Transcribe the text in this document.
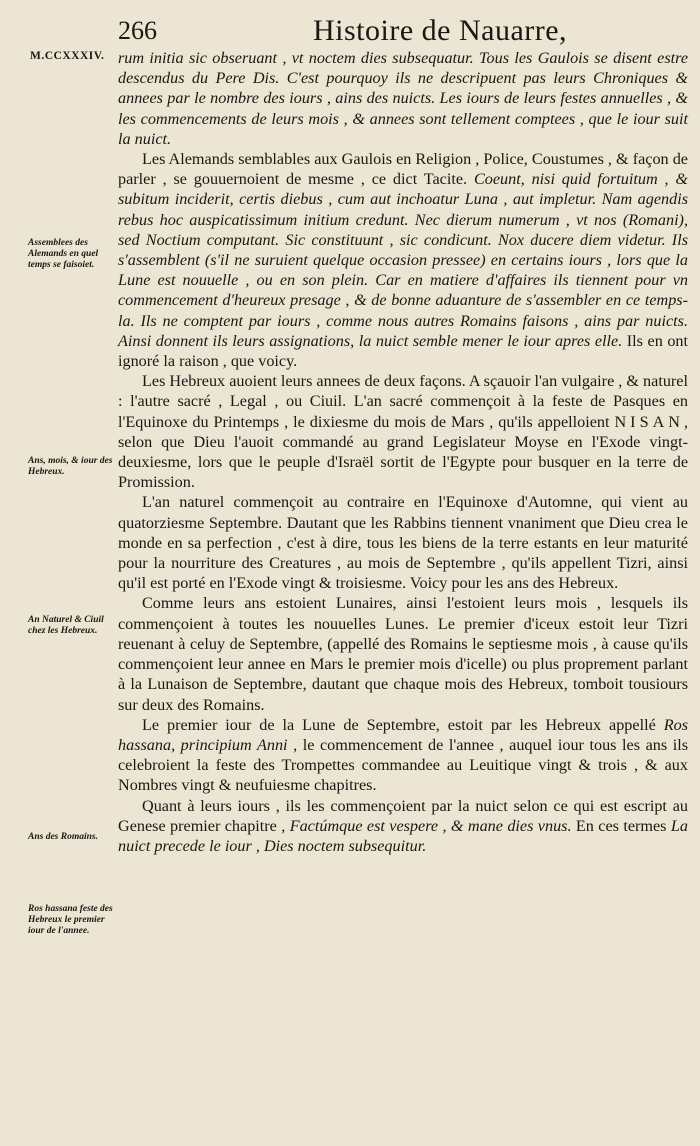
266	Histoire de Nauarre,
M.CCXXXIV.
Assemblees des Alemands en quel temps se faisoiet.
Ans, mois, & iour des Hebreux.
An Naturel & Ciuil chez les Hebreux.
Ans des Romains.
Ros hassana feste des Hebreux le premier iour de l'annee.

rum initia sic obseruant , vt noctem dies subsequatur. Tous les Gaulois se disent estre descendus du Pere Dis. C'est pourquoy ils ne descripuent pas leurs Chroniques & annees par le nombre des iours , ains des nuicts. Les iours de leurs festes annuelles , & les commencements de leurs mois , & annees sont tellement comptees , que le iour suit la nuict.

Les Alemands semblables aux Gaulois en Religion , Police, Coustumes , & façon de parler , se gouuernoient de mesme , ce dict Tacite. Coeunt, nisi quid fortuitum , & subitum inciderit, certis diebus , cum aut inchoatur Luna , aut impletur. Nam agendis rebus hoc auspicatissimum initium credunt. Nec dierum numerum , vt nos (Romani), sed Noctium computant. Sic constituunt , sic condicunt. Nox ducere diem videtur. Ils s'assemblent (s'il ne suruient quelque occasion pressee) en certains iours , lors que la Lune est nouuelle , ou en son plein. Car en matiere d'affaires ils tiennent pour vn commencement d'heureux presage , & de bonne aduanture de s'assembler en ce temps-la. Ils ne comptent par iours , comme nous autres Romains faisons , ains par nuicts. Ainsi donnent ils leurs assignations, la nuict semble mener le iour apres elle. Ils en ont ignoré la raison , que voicy.

Les Hebreux auoient leurs annees de deux façons. A sçauoir l'an vulgaire , & naturel : l'autre sacré , Legal , ou Ciuil. L'an sacré commençoit à la feste de Pasques en l'Equinoxe du Printemps , le dixiesme du mois de Mars , qu'ils appelloient NISAN, selon que Dieu l'auoit commandé au grand Legislateur Moyse en l'Exode vingt-deuxiesme, lors que le peuple d'Israël sortit de l'Egypte pour busquer en la terre de Promission.

L'an naturel commençoit au contraire en l'Equinoxe d'Automne, qui vient au quatorziesme Septembre. Dautant que les Rabbins tiennent vnaniment que Dieu crea le monde en sa perfection , c'est à dire, tous les biens de la terre estants en leur maturité pour la nourriture des Creatures , au mois de Septembre , qu'ils appellent Tizri, ainsi qu'il est porté en l'Exode vingt & troisiesme. Voicy pour les ans des Hebreux.

Comme leurs ans estoient Lunaires, ainsi l'estoient leurs mois , lesquels ils commençoient à toutes les nouuelles Lunes. Le premier d'iceux estoit leur Tizri reuenant à celuy de Septembre, (appellé des Romains le septiesme mois , à cause qu'ils commençoient leur annee en Mars le premier mois d'icelle) ou plus proprement parlant à la Lunaison de Septembre, dautant que chaque mois des Hebreux, tomboit tousiours sur deux des Romains.

Le premier iour de la Lune de Septembre, estoit par les Hebreux appellé Ros hassana, principium Anni , le commencement de l'annee , auquel iour tous les ans ils celebroient la feste des Trompettes commandee au Leuitique vingt & trois , & aux Nombres vingt & neufuiesme chapitres.

Quant à leurs iours , ils les commençoient par la nuict selon ce qui est escript au Genese premier chapitre , Factúmque est vespere , & mane dies vnus. En ces termes La nuict precede le iour , Dies noctem subsequitur.
